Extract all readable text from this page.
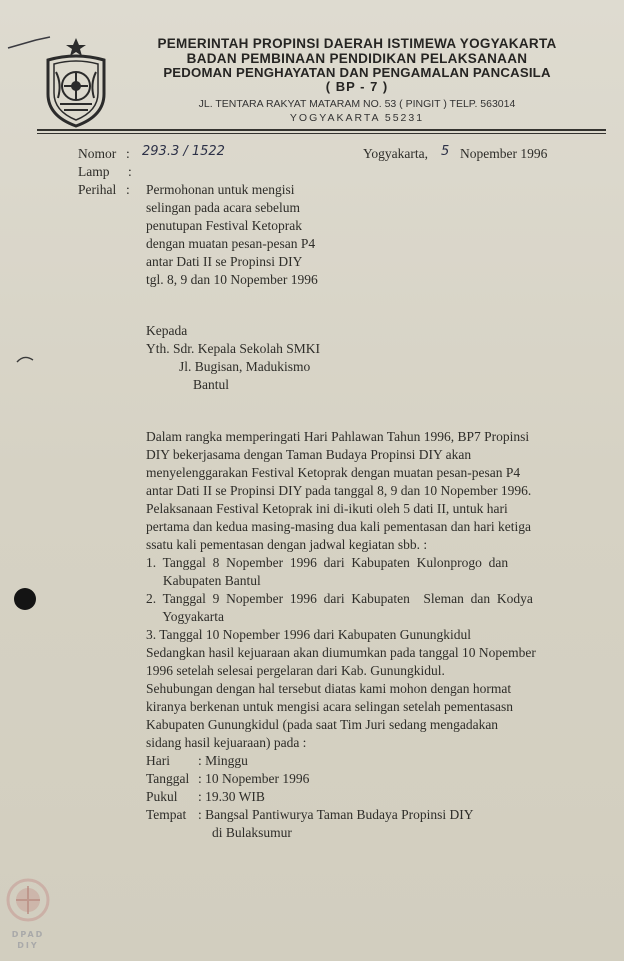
PEMERINTAH PROPINSI DAERAH ISTIMEWA YOGYAKARTA
BADAN PEMBINAAN PENDIDIKAN PELAKSANAAN
PEDOMAN PENGHAYATAN DAN PENGAMALAN PANCASILA
( BP - 7 )
JL. TENTARA RAKYAT MATARAM NO. 53 ( PINGIT ) TELP. 563014
YOGYAKARTA 55231
Nomor : 293.3 / 1522
Lamp :
Perihal :
Yogyakarta, 5 Nopember 1996
Permohonan untuk mengisi
selingan pada acara sebelum
penutupan Festival Ketoprak
dengan muatan pesan-pesan P4
antar Dati II se Propinsi DIY
tgl. 8, 9 dan 10 Nopember 1996
Kepada
Yth. Sdr. Kepala Sekolah SMKI
Jl. Bugisan, Madukismo
Bantul
Dalam rangka memperingati Hari Pahlawan Tahun 1996, BP7 Propinsi
DIY bekerjasama dengan Taman Budaya Propinsi DIY akan
menyelenggarakan Festival Ketoprak dengan muatan pesan-pesan P4
antar Dati II se Propinsi DIY pada tanggal 8, 9 dan 10 Nopember 1996.
Pelaksanaan Festival Ketoprak ini di-ikuti oleh 5 dati II, untuk hari
pertama dan kedua masing-masing dua kali pementasan dan hari ketiga
ssatu kali pementasan dengan jadwal kegiatan sbb. :
1.  Tanggal  8  Nopember  1996  dari  Kabupaten  Kulonprogo  dan
Kabupaten Bantul
2.  Tanggal  9  Nopember  1996  dari  Kabupaten    Sleman  dan  Kodya
Yogyakarta
3. Tanggal 10 Nopember 1996 dari Kabupaten Gunungkidul
Sedangkan hasil kejuaraan akan diumumkan pada tanggal 10 Nopember
1996 setelah selesai pergelaran dari Kab. Gunungkidul.
Sehubungan dengan hal tersebut diatas kami mohon dengan hormat
kiranya berkenan untuk mengisi acara selingan setelah pementasasn
Kabupaten Gunungkidul (pada saat Tim Juri sedang mengadakan
sidang hasil kejuaraan) pada :
Hari : Minggu
Tanggal : 10 Nopember 1996
Pukul : 19.30 WIB
Tempat : Bangsal Pantiwurya Taman Budaya Propinsi DIY
di Bulaksumur
DPAD
DIY
